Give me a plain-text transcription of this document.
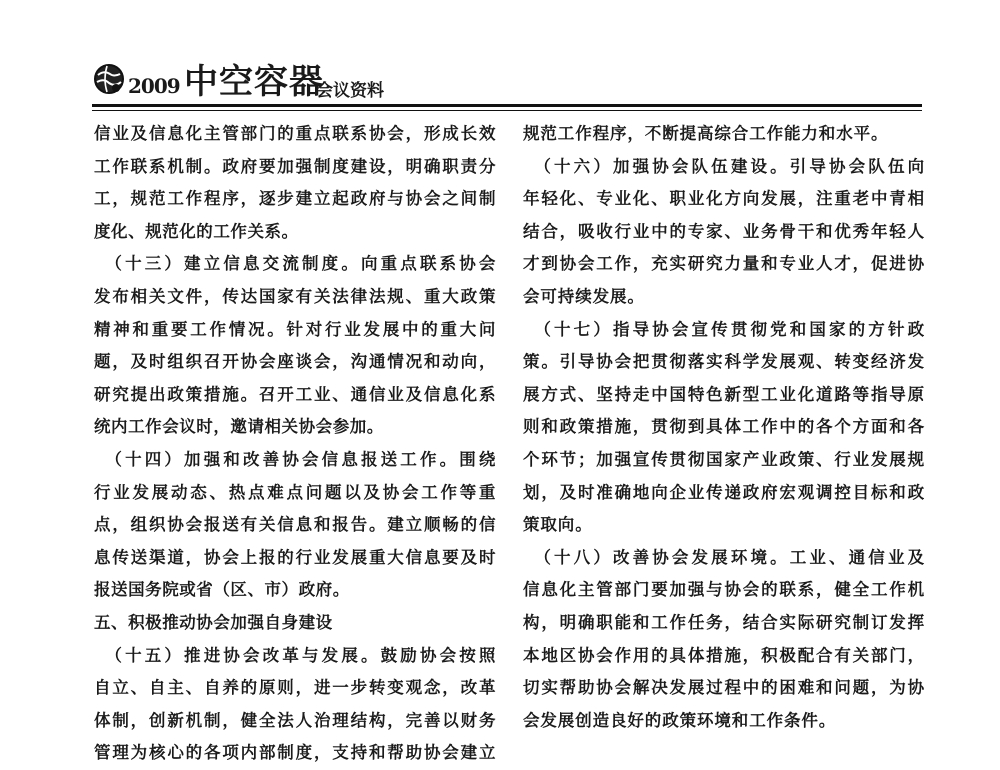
2009 中空容器
会议资料
信业及信息化主管部门的重点联系协会，形成长效
工作联系机制。政府要加强制度建设，明确职责分
工，规范工作程序，逐步建立起政府与协会之间制
度化、规范化的工作关系。
　（十三）建立信息交流制度。向重点联系协会
发布相关文件，传达国家有关法律法规、重大政策
精神和重要工作情况。针对行业发展中的重大问
题，及时组织召开协会座谈会，沟通情况和动向，
研究提出政策措施。召开工业、通信业及信息化系
统内工作会议时，邀请相关协会参加。
　（十四）加强和改善协会信息报送工作。围绕
行业发展动态、热点难点问题以及协会工作等重
点，组织协会报送有关信息和报告。建立顺畅的信
息传送渠道，协会上报的行业发展重大信息要及时
报送国务院或省（区、市）政府。
五、积极推动协会加强自身建设
　（十五）推进协会改革与发展。鼓励协会按照
自立、自主、自养的原则，进一步转变观念，改革
体制，创新机制，健全法人治理结构，完善以财务
管理为核心的各项内部制度，支持和帮助协会建立
规范工作程序，不断提高综合工作能力和水平。
　（十六）加强协会队伍建设。引导协会队伍向
年轻化、专业化、职业化方向发展，注重老中青相
结合，吸收行业中的专家、业务骨干和优秀年轻人
才到协会工作，充实研究力量和专业人才，促进协
会可持续发展。
　（十七）指导协会宣传贯彻党和国家的方针政
策。引导协会把贯彻落实科学发展观、转变经济发
展方式、坚持走中国特色新型工业化道路等指导原
则和政策措施，贯彻到具体工作中的各个方面和各
个环节；加强宣传贯彻国家产业政策、行业发展规
划，及时准确地向企业传递政府宏观调控目标和政
策取向。
　（十八）改善协会发展环境。工业、通信业及
信息化主管部门要加强与协会的联系，健全工作机
构，明确职能和工作任务，结合实际研究制订发挥
本地区协会作用的具体措施，积极配合有关部门，
切实帮助协会解决发展过程中的困难和问题，为协
会发展创造良好的政策环境和工作条件。
